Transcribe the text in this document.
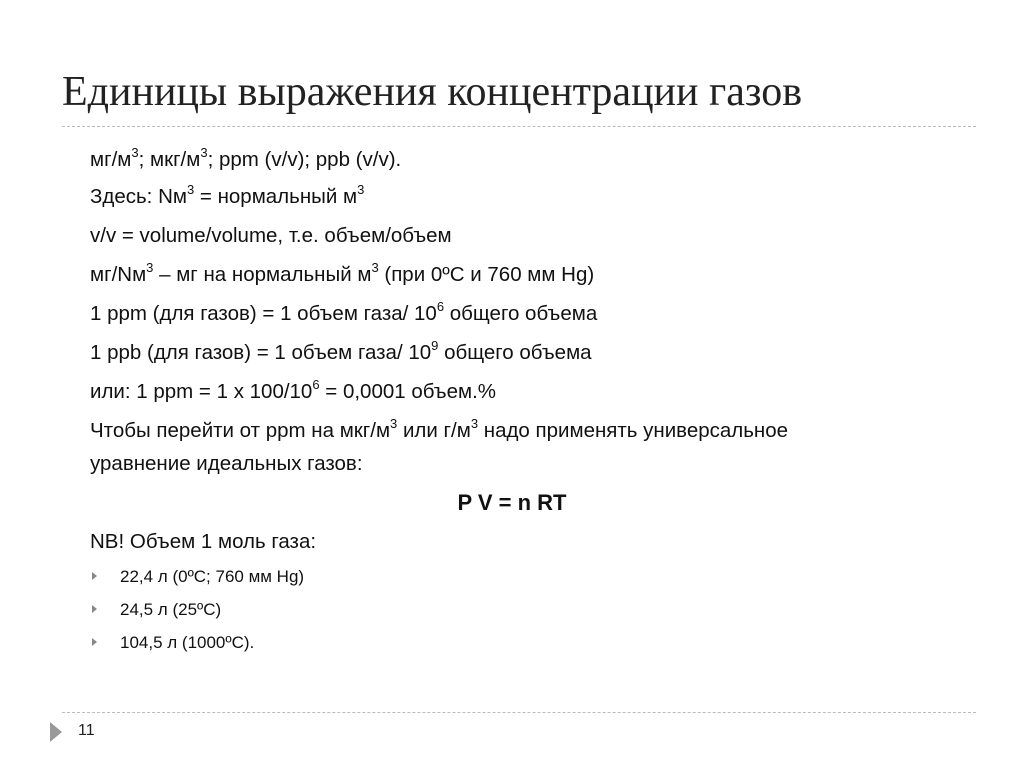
Единицы выражения концентрации газов
$мг/м^3$; мкг/$м^3$; ppm (v/v); ppb (v/v).
Здесь: $Nм^3$ = нормальный $м^3$
v/v = volume/volume, т.е. объем/объем
$мг/Nм^3$ – мг на нормальный $м^3$ (при 0ºC и 760 мм Hg)
1 ppm (для газов) = 1 объем газа/ $10^6$ общего объема
1 ppb (для газов) = 1 объем газа/ $10^9$ общего объема
или: 1 ppm = 1 x $100/10^6 = 0,0001$ объем.%
Чтобы перейти от ppm на мкг/$м^3$ или $г/м^3$ надо применять универсальное
уравнение идеальных газов:
P V = n RT
NB! Объем 1 моль газа:
22,4 л (0ºC; 760 мм Hg)
24,5 л (25ºC)
104,5 л (1000ºC).
11
